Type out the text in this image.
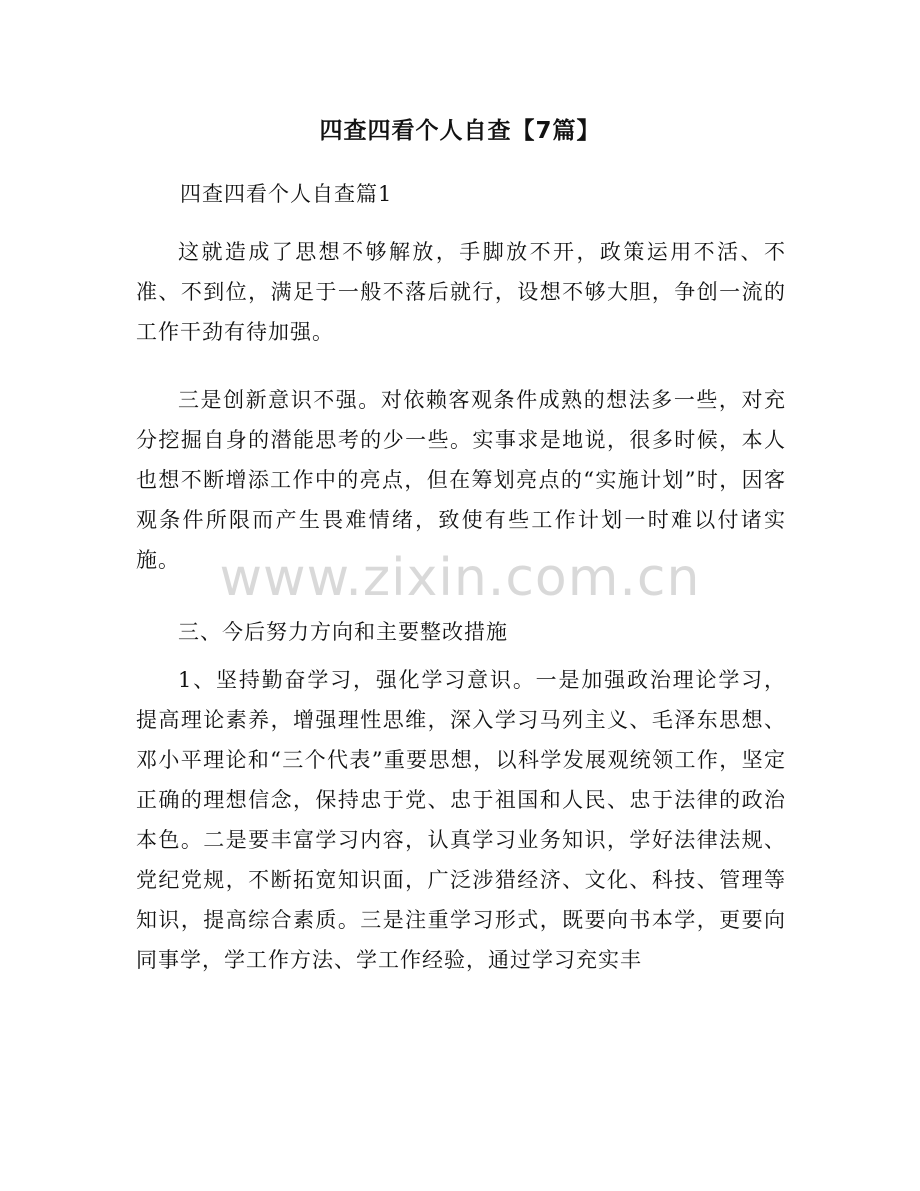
四查四看个人自查【7篇】
四查四看个人自查篇1

这就造成了思想不够解放，手脚放不开，政策运用不活、不准、不到位，满足于一般不落后就行，设想不够大胆，争创一流的工作干劲有待加强。

三是创新意识不强。对依赖客观条件成熟的想法多一些，对充分挖掘自身的潜能思考的少一些。实事求是地说，很多时候，本人也想不断增添工作中的亮点，但在筹划亮点的“实施计划”时，因客观条件所限而产生畏难情绪，致使有些工作计划一时难以付诸实施。

三、今后努力方向和主要整改措施

1、坚持勤奋学习，强化学习意识。一是加强政治理论学习，提高理论素养，增强理性思维，深入学习马列主义、毛泽东思想、邓小平理论和“三个代表”重要思想，以科学发展观统领工作，坚定正确的理想信念，保持忠于党、忠于祖国和人民、忠于法律的政治本色。二是要丰富学习内容，认真学习业务知识，学好法律法规、党纪党规，不断拓宽知识面，广泛涉猎经济、文化、科技、管理等知识，提高综合素质。三是注重学习形式，既要向书本学，更要向同事学，学工作方法、学工作经验，通过学习充实丰

www.zixin.com.cn
